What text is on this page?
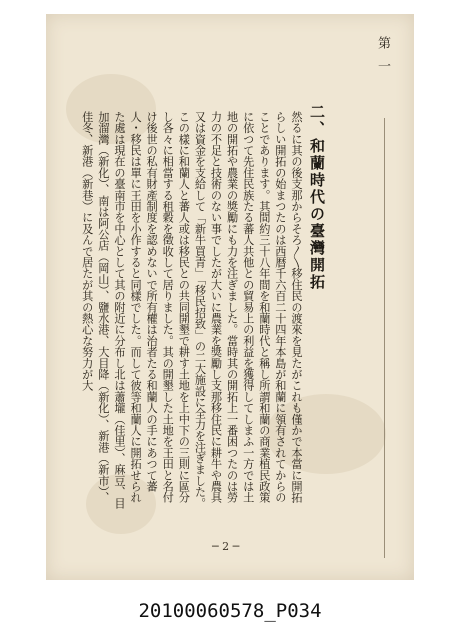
第一
二、和蘭時代の臺灣開拓

然るに其の後支那からそろ〳〵移住民の渡來を見たがこれも僅かで本當に開拓らしい開拓の始まつたのは西暦千六百二十四年本島が和蘭に領有されてからのことであります。其間約三十八年間を和蘭時代と稱し所謂和蘭の商業植民政策に依つて先住民族たる蕃人共他との貿易上の利益を獲得してしまふ一方では土地の開拓や農業の獎勵にも力を注ぎました。當時其の開拓上一番困つたのは勞力の不足と技術のない事でしたが大いに農業を獎勵し支那移住民に耕牛や農具又は資金を支給して「新牛買青」「移民招致」の二大施設に全力を注ぎました。この樣に和蘭人と蕃人或は移民との共同開墾で耕す土地を上中下の三則に區分し各々に相當する租穀を徵收して居りました。其の開墾した土地を王田と名付け後世の私有財產制度を認めないで所有權は治者たる和蘭人の手にあつて蕃人・移民は單に王田を小作すると同樣でした。而して彼等和蘭人に開拓せられた處は現在の臺南市を中心として其の附近に分布し北は蕭壠（佳里）、麻豆、目加溜灣（新化）、南は阿公店（岡山）、鹽水港、大目降（新化）、新港（新市）、佳冬、新港（新巷）に及んで居たが其の熱心な努力が大

─ 2 ─
20100060578_P034
